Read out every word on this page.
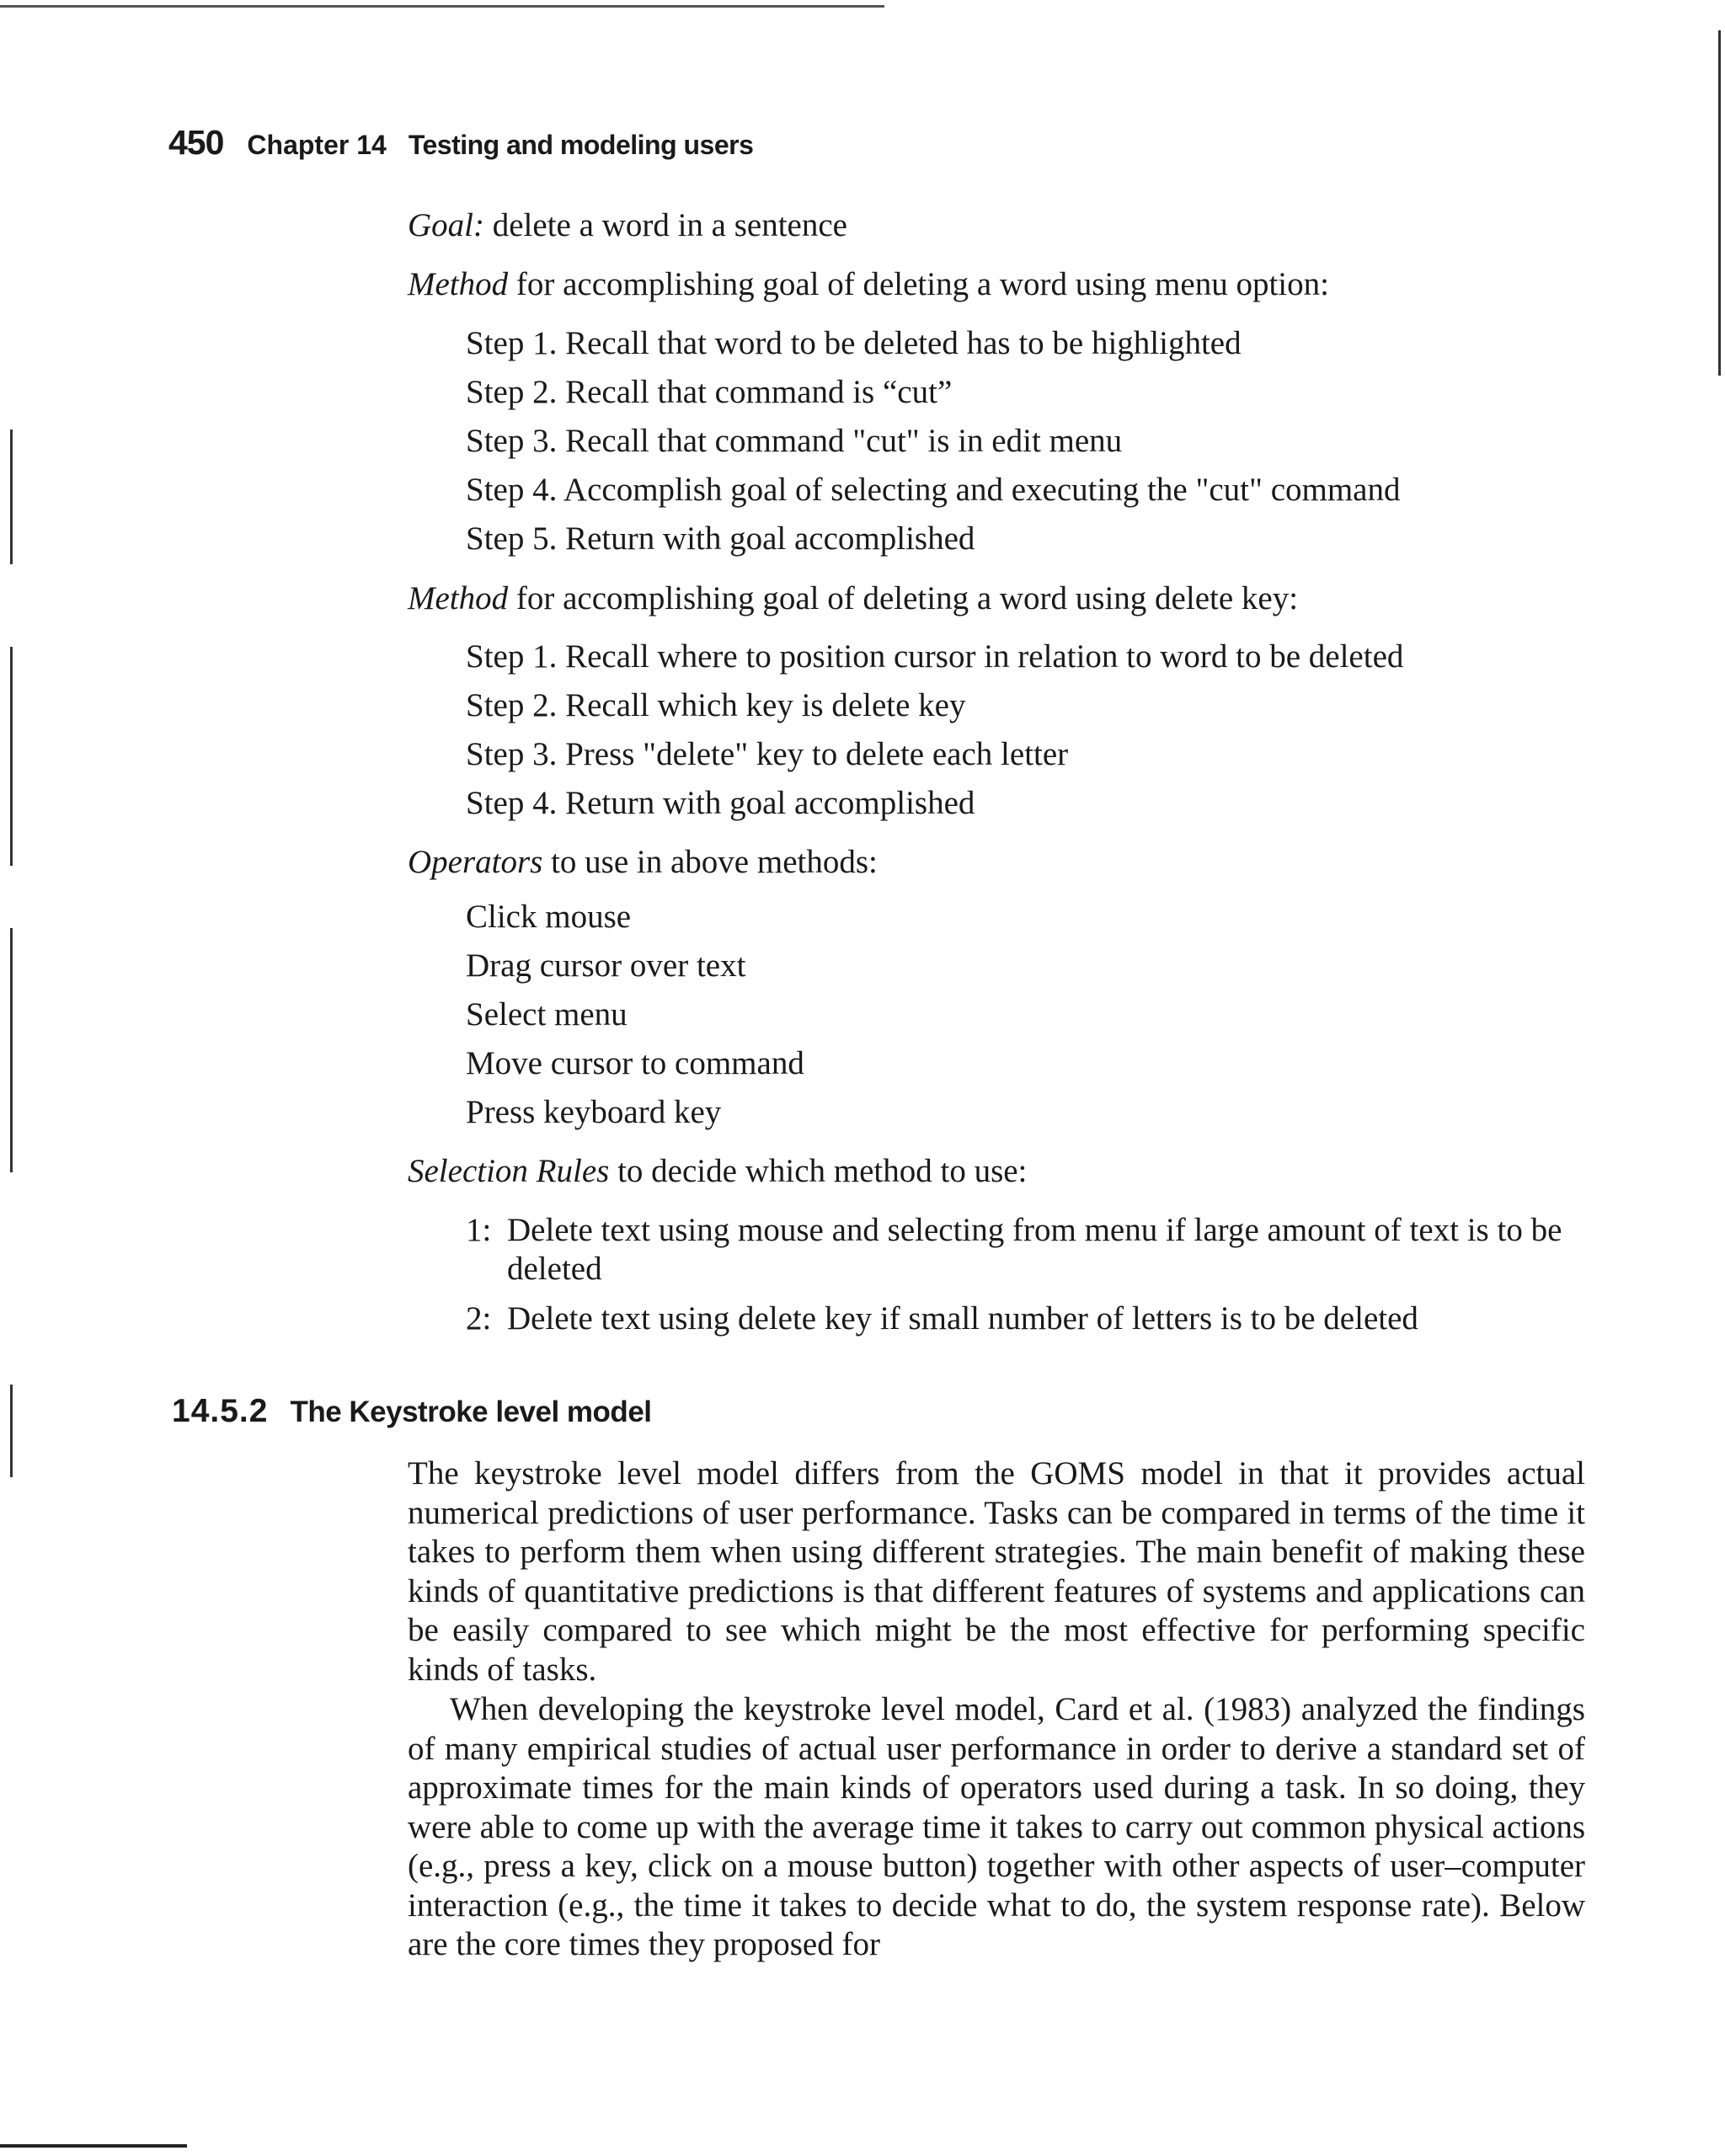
450 Chapter 14 Testing and modeling users
Goal: delete a word in a sentence
Method for accomplishing goal of deleting a word using menu option:
Step 1. Recall that word to be deleted has to be highlighted
Step 2. Recall that command is “cut”
Step 3. Recall that command "cut" is in edit menu
Step 4. Accomplish goal of selecting and executing the "cut" command
Step 5. Return with goal accomplished
Method for accomplishing goal of deleting a word using delete key:
Step 1. Recall where to position cursor in relation to word to be deleted
Step 2. Recall which key is delete key
Step 3. Press "delete" key to delete each letter
Step 4. Return with goal accomplished
Operators to use in above methods:
Click mouse
Drag cursor over text
Select menu
Move cursor to command
Press keyboard key
Selection Rules to decide which method to use:
1: Delete text using mouse and selecting from menu if large amount of text is to be deleted
2: Delete text using delete key if small number of letters is to be deleted
14.5.2 The Keystroke level model

The keystroke level model differs from the GOMS model in that it provides actual numerical predictions of user performance. Tasks can be compared in terms of the time it takes to perform them when using different strategies. The main benefit of making these kinds of quantitative predictions is that different features of systems and applications can be easily compared to see which might be the most effective for performing specific kinds of tasks.

When developing the keystroke level model, Card et al. (1983) analyzed the findings of many empirical studies of actual user performance in order to derive a standard set of approximate times for the main kinds of operators used during a task. In so doing, they were able to come up with the average time it takes to carry out common physical actions (e.g., press a key, click on a mouse button) together with other aspects of user–computer interaction (e.g., the time it takes to decide what to do, the system response rate). Below are the core times they proposed for
